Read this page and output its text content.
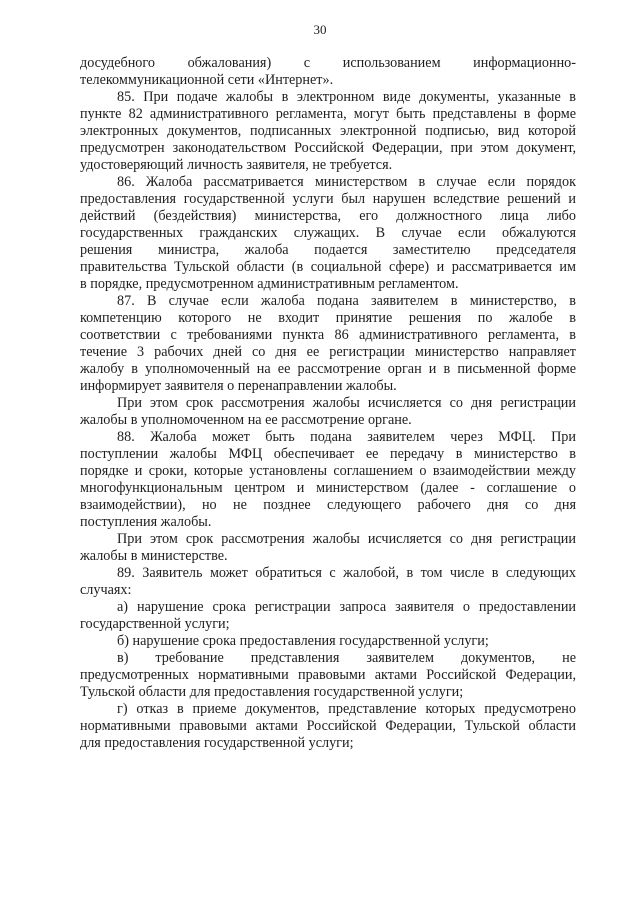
30
досудебного обжалования) с использованием информационно-
телекоммуникационной сети «Интернет».
85. При подаче жалобы в электронном виде документы, указанные в
пункте 82 административного регламента, могут быть представлены в форме
электронных документов, подписанных электронной подписью, вид которой
предусмотрен законодательством Российской Федерации, при этом документ,
удостоверяющий личность заявителя, не требуется.
86. Жалоба рассматривается министерством в случае если порядок
предоставления государственной услуги был нарушен вследствие решений и
действий (бездействия) министерства, его должностного лица либо
государственных гражданских служащих. В случае если обжалуются
решения министра, жалоба подается заместителю председателя
правительства Тульской области (в социальной сфере) и рассматривается им
в порядке, предусмотренном административным регламентом.
87. В случае если жалоба подана заявителем в министерство, в
компетенцию которого не входит принятие решения по жалобе в
соответствии с требованиями пункта 86 административного регламента, в
течение 3 рабочих дней со дня ее регистрации министерство направляет
жалобу в уполномоченный на ее рассмотрение орган и в письменной форме
информирует заявителя о перенаправлении жалобы.
При этом срок рассмотрения жалобы исчисляется со дня регистрации
жалобы в уполномоченном на ее рассмотрение органе.
88. Жалоба может быть подана заявителем через МФЦ. При
поступлении жалобы МФЦ обеспечивает ее передачу в министерство в
порядке и сроки, которые установлены соглашением о взаимодействии между
многофункциональным центром и министерством (далее - соглашение о
взаимодействии), но не позднее следующего рабочего дня со дня
поступления жалобы.
При этом срок рассмотрения жалобы исчисляется со дня регистрации
жалобы в министерстве.
89. Заявитель может обратиться с жалобой, в том числе в следующих
случаях:
а) нарушение срока регистрации запроса заявителя о предоставлении
государственной услуги;
б) нарушение срока предоставления государственной услуги;
в) требование представления заявителем документов, не
предусмотренных нормативными правовыми актами Российской Федерации,
Тульской области для предоставления государственной услуги;
г) отказ в приеме документов, представление которых предусмотрено
нормативными правовыми актами Российской Федерации, Тульской области
для предоставления государственной услуги;
